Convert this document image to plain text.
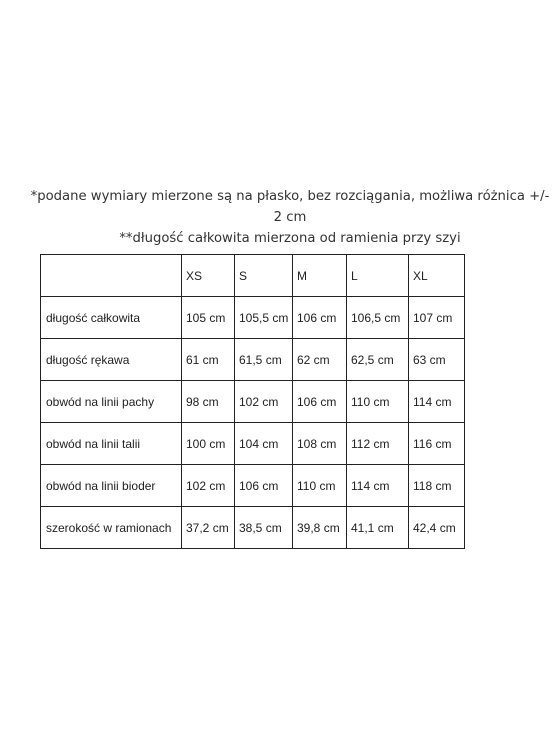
*podane wymiary mierzone są na płasko, bez rozciągania, możliwa różnica +/- 2 cm

**długość całkowita mierzona od ramienia przy szyi

	XS	S	M	L	XL
długość całkowita	105 cm	105,5 cm	106 cm	106,5 cm	107 cm
długość rękawa	61 cm	61,5 cm	62 cm	62,5 cm	63 cm
obwód na linii pachy	98 cm	102 cm	106 cm	110 cm	114 cm
obwód na linii talii	100 cm	104 cm	108 cm	112 cm	116 cm
obwód na linii bioder	102 cm	106 cm	110 cm	114 cm	118 cm
szerokość w ramionach	37,2 cm	38,5 cm	39,8 cm	41,1 cm	42,4 cm
